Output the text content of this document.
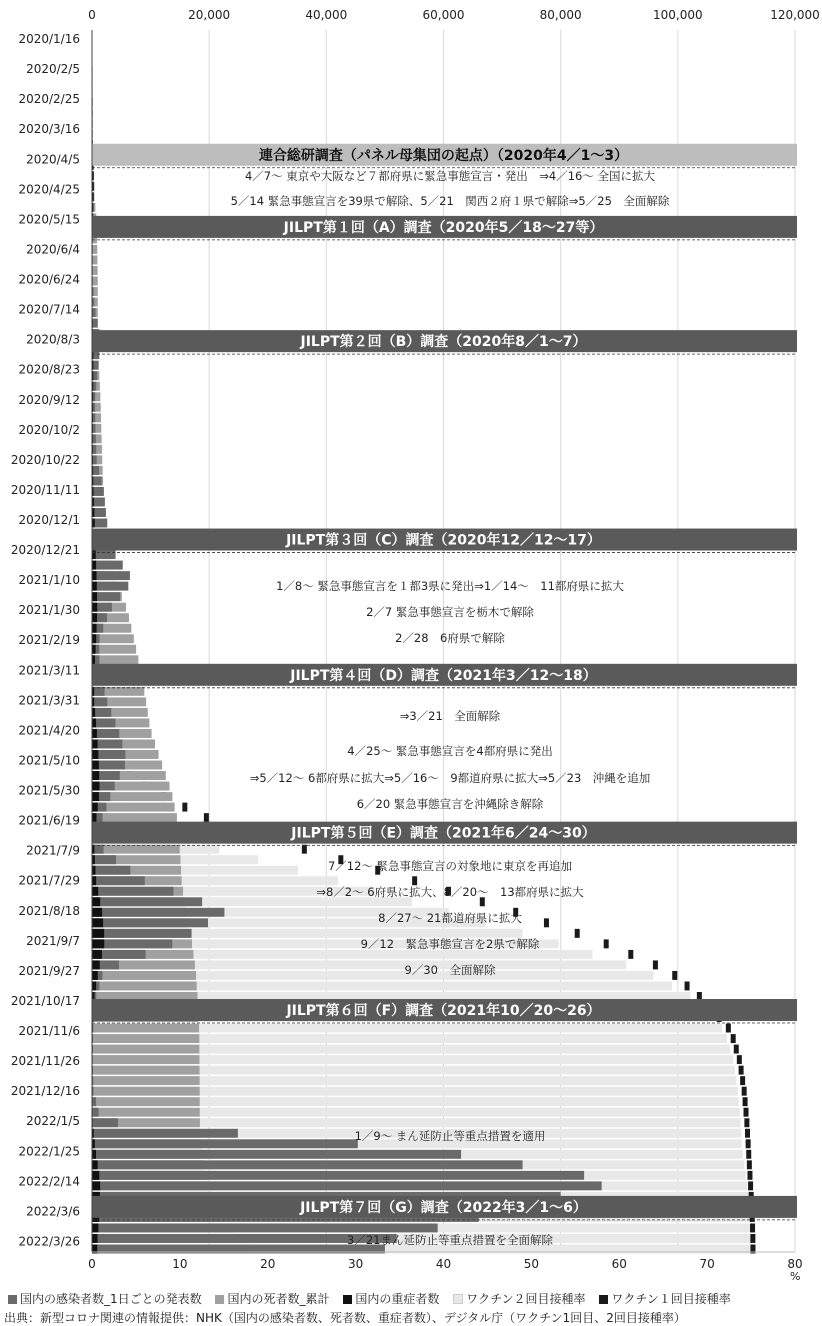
0	20,000	40,000	60,000	80,000	100,000	120,000
0	10	20	30	40	50	60	70	80
2020/1/16
2020/2/5
2020/2/25
2020/3/16
2020/4/5
2020/4/25
2020/5/15
2020/6/4
2020/6/24
2020/7/14
2020/8/3
2020/8/23
2020/9/12
2020/10/2
2020/10/22
2020/11/11
2020/12/1
2020/12/21
2021/1/10
2021/1/30
2021/2/19
2021/3/11
2021/3/31
2021/4/20
2021/5/10
2021/5/30
2021/6/19
2021/7/9
2021/7/29
2021/8/18
2021/9/7
2021/9/27
2021/10/17
2021/11/6
2021/11/26
2021/12/16
2022/1/5
2022/1/25
2022/2/14
2022/3/6
2022/3/26
連合総研調査（パネル母集団の起点）（2020年4／1～3）
JILPT第１回（A）調査（2020年5／18～27等）
JILPT第２回（B）調査（2020年8／1～7）
JILPT第３回（C）調査（2020年12／12～17）
JILPT第４回（D）調査（2021年3／12～18）
JILPT第５回（E）調査（2021年6／24～30）
JILPT第６回（F）調査（2021年10／20～26）
JILPT第７回（G）調査（2022年3／1～6）
4／7～ 東京や大阪など７都府県に緊急事態宣言・発出　⇒4／16～ 全国に拡大
5／14 緊急事態宣言を39県で解除、5／21　関西２府１県で解除⇒5／25　全面解除
1／8～ 緊急事態宣言を１都3県に発出⇒1／14～　11都府県に拡大
2／7 緊急事態宣言を栃木で解除
2／28　6府県で解除
⇒3／21　全面解除
4／25～ 緊急事態宣言を4都府県に発出
⇒5／12～ 6都府県に拡大⇒5／16～　9都道府県に拡大⇒5／23　沖縄を追加
6／20 緊急事態宣言を沖縄除き解除
7／12～ 緊急事態宣言の対象地に東京を再追加
⇒8／2～ 6府県に拡大、8／20～　13都府県に拡大
8／27～ 21都道府県に拡大
9／12　緊急事態宣言を2県で解除
9／30　全面解除
1／9～ まん延防止等重点措置を適用
3／21まん延防止等重点措置を全面解除
%
国内の感染者数_1日ごとの発表数 国内の死者数_累計 国内の重症者数 ワクチン２回目接種率 ワクチン１回目接種率
出典：新型コロナ関連の情報提供：NHK（国内の感染者数、死者数、重症者数）、デジタル庁（ワクチン1回目、2回目接種率）
